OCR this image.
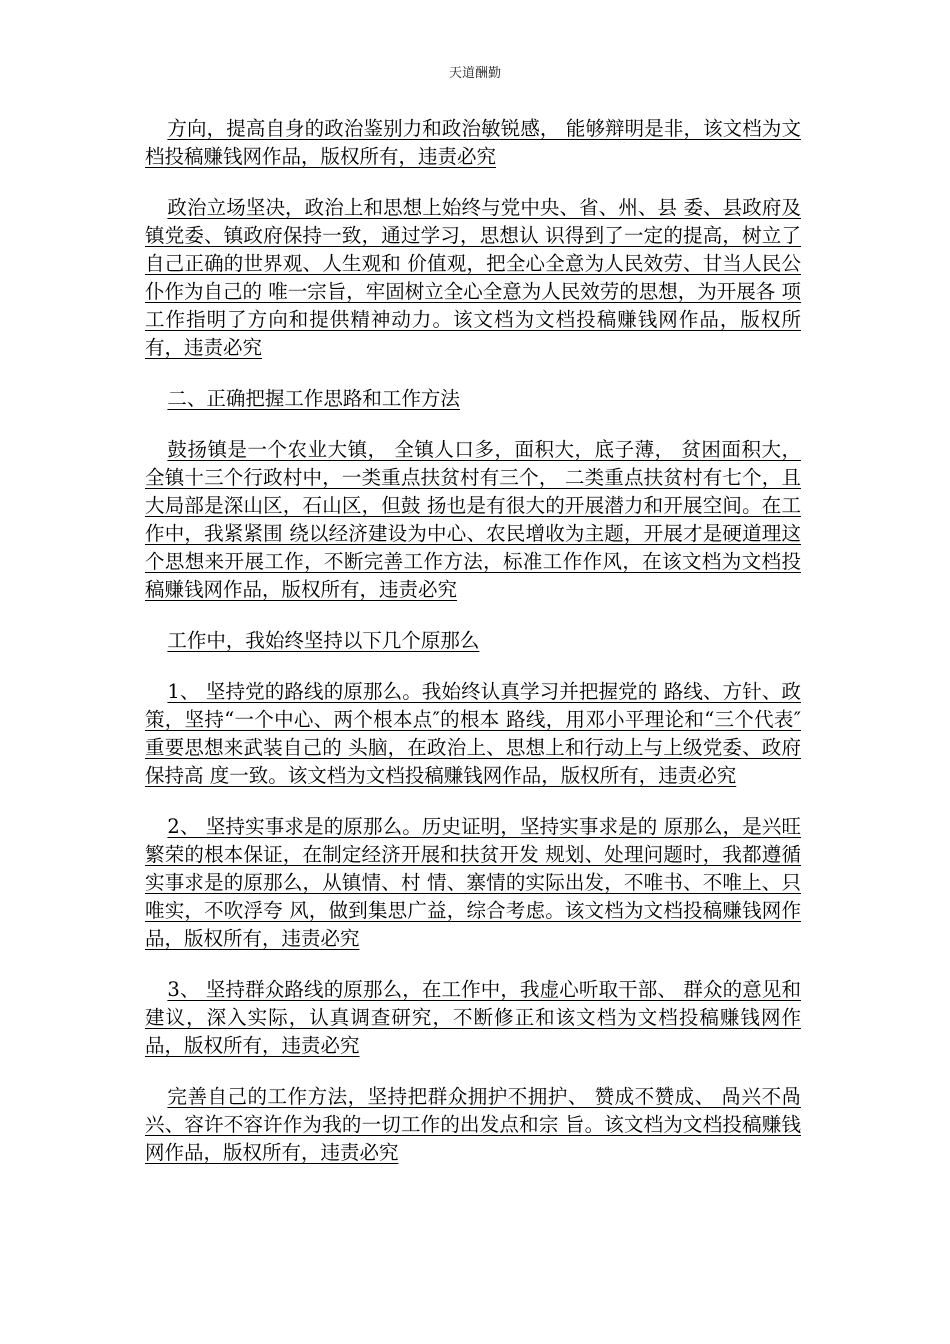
天道酬勤

方向，提高自身的政治鉴别力和政治敏锐感， 能够辩明是非，该文档为文档投稿赚钱网作品，版权所有，违责必究

政治立场坚决，政治上和思想上始终与党中央、省、州、县 委、县政府及镇党委、镇政府保持一致，通过学习，思想认 识得到了一定的提高，树立了自己正确的世界观、人生观和 价值观，把全心全意为人民效劳、甘当人民公仆作为自己的 唯一宗旨，牢固树立全心全意为人民效劳的思想，为开展各 项工作指明了方向和提供精神动力。该文档为文档投稿赚钱网作品，版权所有，违责必究

二、正确把握工作思路和工作方法

鼓扬镇是一个农业大镇， 全镇人口多，面积大，底子薄， 贫困面积大，全镇十三个行政村中，一类重点扶贫村有三个， 二类重点扶贫村有七个，且大局部是深山区，石山区，但鼓 扬也是有很大的开展潜力和开展空间。在工作中，我紧紧围 绕以经济建设为中心、农民增收为主题，开展才是硬道理这 个思想来开展工作，不断完善工作方法，标准工作作风，在该文档为文档投稿赚钱网作品，版权所有，违责必究

工作中，我始终坚持以下几个原那么

1、 坚持党的路线的原那么。我始终认真学习并把握党的 路线、方针、政策，坚持“一个中心、两个根本点″的根本 路线，用邓小平理论和“三个代表″重要思想来武装自己的 头脑，在政治上、思想上和行动上与上级党委、政府保持高 度一致。该文档为文档投稿赚钱网作品，版权所有，违责必究

2、 坚持实事求是的原那么。历史证明，坚持实事求是的 原那么，是兴旺繁荣的根本保证，在制定经济开展和扶贫开发 规划、处理问题时，我都遵循实事求是的原那么，从镇情、村 情、寨情的实际出发，不唯书、不唯上、只唯实，不吹浮夸 风，做到集思广益，综合考虑。该文档为文档投稿赚钱网作品，版权所有，违责必究

3、 坚持群众路线的原那么，在工作中，我虚心听取干部、 群众的意见和建议，深入实际，认真调查研究，不断修正和该文档为文档投稿赚钱网作品，版权所有，违责必究

完善自己的工作方法，坚持把群众拥护不拥护、 赞成不赞成、 咼兴不咼兴、容许不容许作为我的一切工作的出发点和宗 旨。该文档为文档投稿赚钱网作品，版权所有，违责必究
